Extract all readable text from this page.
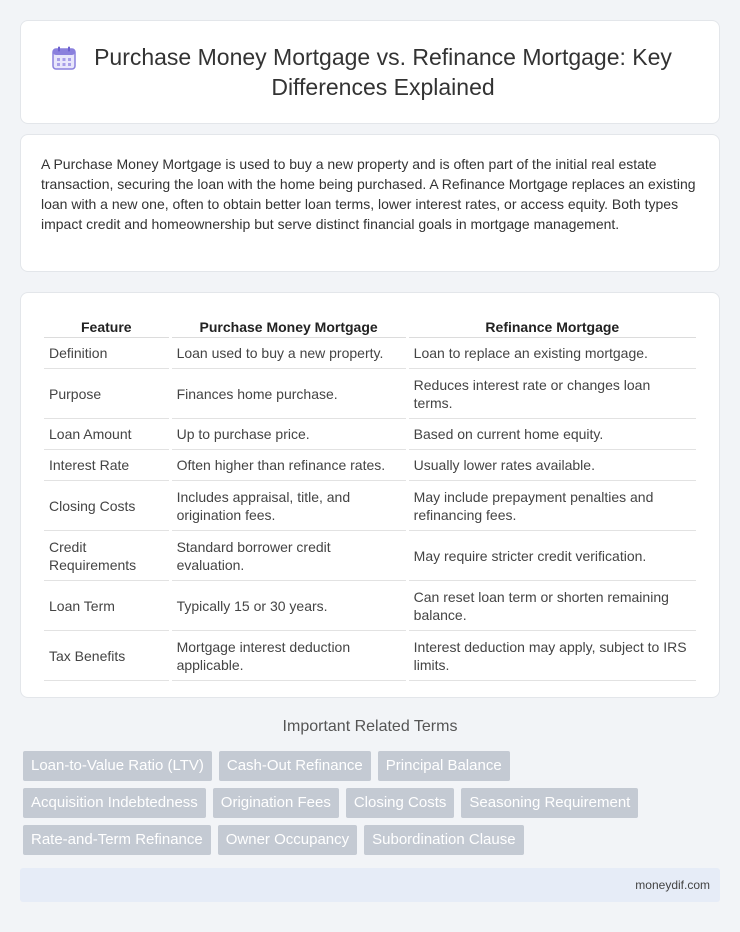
Purchase Money Mortgage vs. Refinance Mortgage: Key Differences Explained

A Purchase Money Mortgage is used to buy a new property and is often part of the initial real estate transaction, securing the loan with the home being purchased. A Refinance Mortgage replaces an existing loan with a new one, often to obtain better loan terms, lower interest rates, or access equity. Both types impact credit and homeownership but serve distinct financial goals in mortgage management.

Feature	Purchase Money Mortgage	Refinance Mortgage
Definition	Loan used to buy a new property.	Loan to replace an existing mortgage.
Purpose	Finances home purchase.	Reduces interest rate or changes loan terms.
Loan Amount	Up to purchase price.	Based on current home equity.
Interest Rate	Often higher than refinance rates.	Usually lower rates available.
Closing Costs	Includes appraisal, title, and origination fees.	May include prepayment penalties and refinancing fees.
Credit Requirements	Standard borrower credit evaluation.	May require stricter credit verification.
Loan Term	Typically 15 or 30 years.	Can reset loan term or shorten remaining balance.
Tax Benefits	Mortgage interest deduction applicable.	Interest deduction may apply, subject to IRS limits.
Important Related Terms
Loan-to-Value Ratio (LTV)	Cash-Out Refinance	Principal Balance
Acquisition Indebtedness	Origination Fees	Closing Costs	Seasoning Requirement
Rate-and-Term Refinance	Owner Occupancy	Subordination Clause
moneydif.com
